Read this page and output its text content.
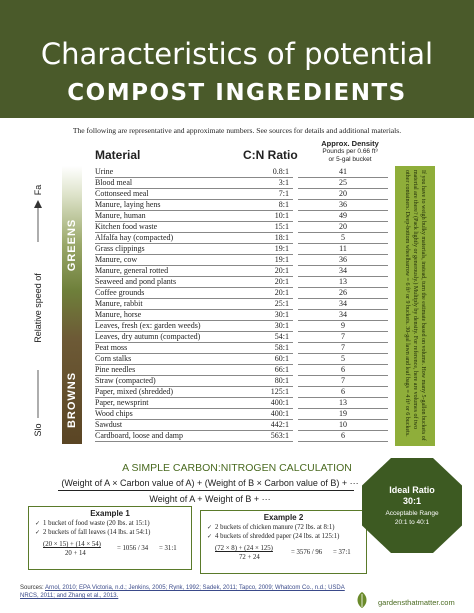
Characteristics of potential
COMPOST INGREDIENTS
The following are representative and approximate numbers. See sources for details and additional materials.
Material	C:N Ratio
Approx. Density
Pounds per 0.66 ft³
or 5-gal bucket
GREENS
BROWNS
Relative speed of
Fa
Slo
Urine	0.8:1	41
Blood meal	3:1	25
Cottonseed meal	7:1	20
Manure, laying hens	8:1	36
Manure, human	10:1	49
Kitchen food waste	15:1	20
Alfalfa hay (compacted)	18:1	5
Grass clippings	19:1	11
Manure, cow	19:1	36
Manure, general rotted	20:1	34
Seaweed and pond plants	20:1	13
Coffee grounds	20:1	26
Manure, rabbit	25:1	34
Manure, horse	30:1	34
Leaves, fresh (ex: garden weeds)	30:1	9
Leaves, dry autumn (compacted)	54:1	7
Peat moss	58:1	7
Corn stalks	60:1	5
Pine needles	66:1	6
Straw (compacted)	80:1	7
Paper, mixed (shredded)	125:1	6
Paper, newsprint	400:1	13
Wood chips	400:1	19
Sawdust	442:1	10
Cardboard, loose and damp	563:1	6	If you have to weigh bulky materials, instead, turn the estimate based on volume. How many 5-gallon buckets of material are there? (Pack lightly or generously.) Multiply by density. For reference, here are volumes of two other containers: Deep-bottom wheelbarrow = 6 ft³ or 9 buckets. 30-gal lawn and leaf bags = 4 ft³ or 6 buckets.
A SIMPLE CARBON:NITROGEN CALCULATION
(Weight of A × Carbon value of A) + (Weight of B × Carbon value of B) + ···
Weight of A + Weight of B + ···
Example 1
✓ 1 bucket of food waste (20 lbs. at 15:1)
✓ 2 buckets of fall leaves (14 lbs. at 54:1)
(20 × 15) + (14 × 54)
20 + 14
= 1056 / 34 = 31:1
Example 2
✓ 2 buckets of chicken manure (72 lbs. at 8:1)
✓ 4 buckets of shredded paper (24 lbs. at 125:1)
(72 × 8) + (24 × 125)
72 + 24
= 3576 / 96 = 37:1
Ideal Ratio
30:1
Acceptable Range
20:1 to 40:1
Sources: Arnol, 2010; EPA Victoria, n.d.; Jenkins, 2005; Rynk, 1992; Sadek, 2011; Tapco, 2009; Whatcom Co., n.d.; USDA NRCS, 2011; and Zhang et al., 2013.
gardensthatmatter.com
